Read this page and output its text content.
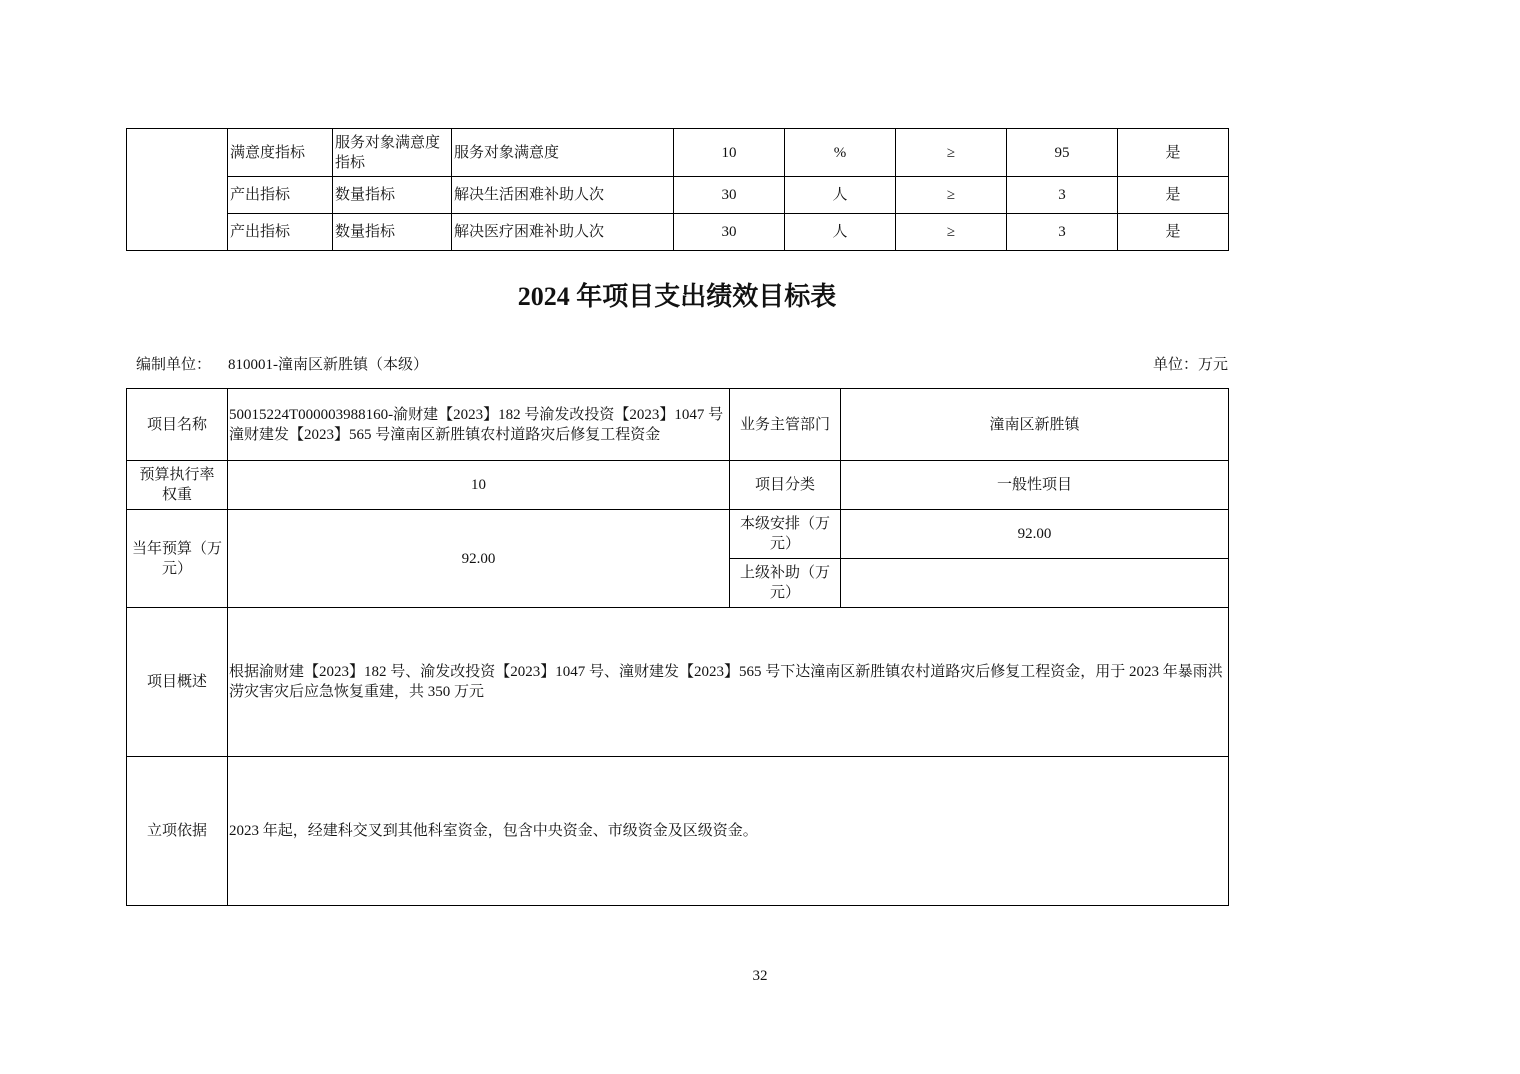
	满意度指标	服务对象满意度指标	服务对象满意度	10	%	≥	95	是
	产出指标	数量指标	解决生活困难补助人次	30	人	≥	3	是
	产出指标	数量指标	解决医疗困难补助人次	30	人	≥	3	是
2024 年项目支出绩效目标表
编制单位： 810001-潼南区新胜镇（本级）	单位：万元
项目名称	50015224T000003988160-渝财建【2023】182 号渝发改投资【2023】1047 号潼财建发【2023】565 号潼南区新胜镇农村道路灾后修复工程资金	业务主管部门	潼南区新胜镇
预算执行率权重	10	项目分类	一般性项目
当年预算（万元）	92.00	本级安排（万元）	92.00
		上级补助（万元）	
项目概述	根据渝财建【2023】182 号、渝发改投资【2023】1047 号、潼财建发【2023】565 号下达潼南区新胜镇农村道路灾后修复工程资金，用于 2023 年暴雨洪涝灾害灾后应急恢复重建，共 350 万元		
立项依据	2023 年起，经建科交叉到其他科室资金，包含中央资金、市级资金及区级资金。		
32
